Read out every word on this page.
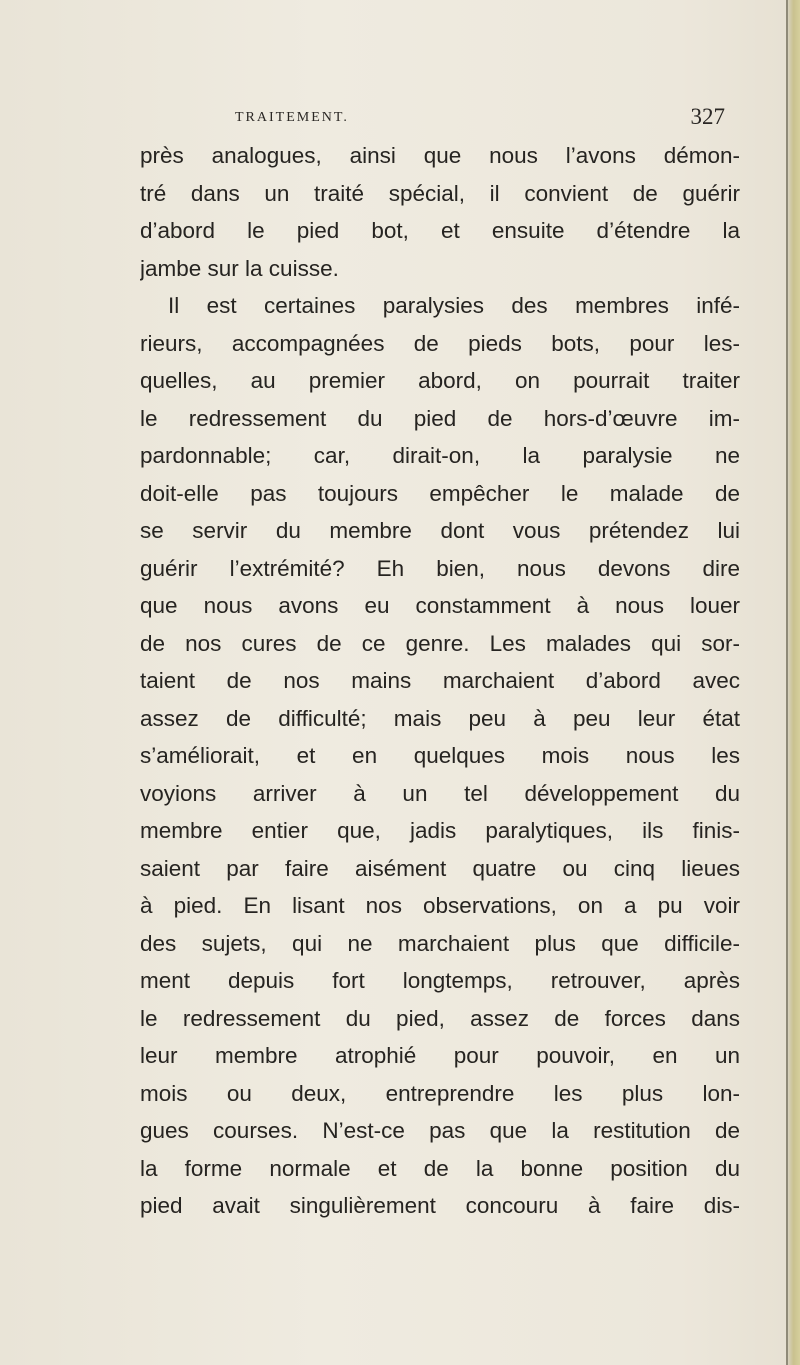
TRAITEMENT.	327
près analogues, ainsi que nous l’avons démon-
tré dans un traité spécial, il convient de guérir
d’abord le pied bot, et ensuite d’étendre la
jambe sur la cuisse.
Il est certaines paralysies des membres infé-
rieurs, accompagnées de pieds bots, pour les-
quelles, au premier abord, on pourrait traiter
le redressement du pied de hors-d’œuvre im-
pardonnable; car, dirait-on, la paralysie ne
doit-elle pas toujours empêcher le malade de
se servir du membre dont vous prétendez lui
guérir l’extrémité? Eh bien, nous devons dire
que nous avons eu constamment à nous louer
de nos cures de ce genre. Les malades qui sor-
taient de nos mains marchaient d’abord avec
assez de difficulté; mais peu à peu leur état
s’améliorait, et en quelques mois nous les
voyions arriver à un tel développement du
membre entier que, jadis paralytiques, ils finis-
saient par faire aisément quatre ou cinq lieues
à pied. En lisant nos observations, on a pu voir
des sujets, qui ne marchaient plus que difficile-
ment depuis fort longtemps, retrouver, après
le redressement du pied, assez de forces dans
leur membre atrophié pour pouvoir, en un
mois ou deux, entreprendre les plus lon-
gues courses. N’est-ce pas que la restitution de
la forme normale et de la bonne position du
pied avait singulièrement concouru à faire dis-
